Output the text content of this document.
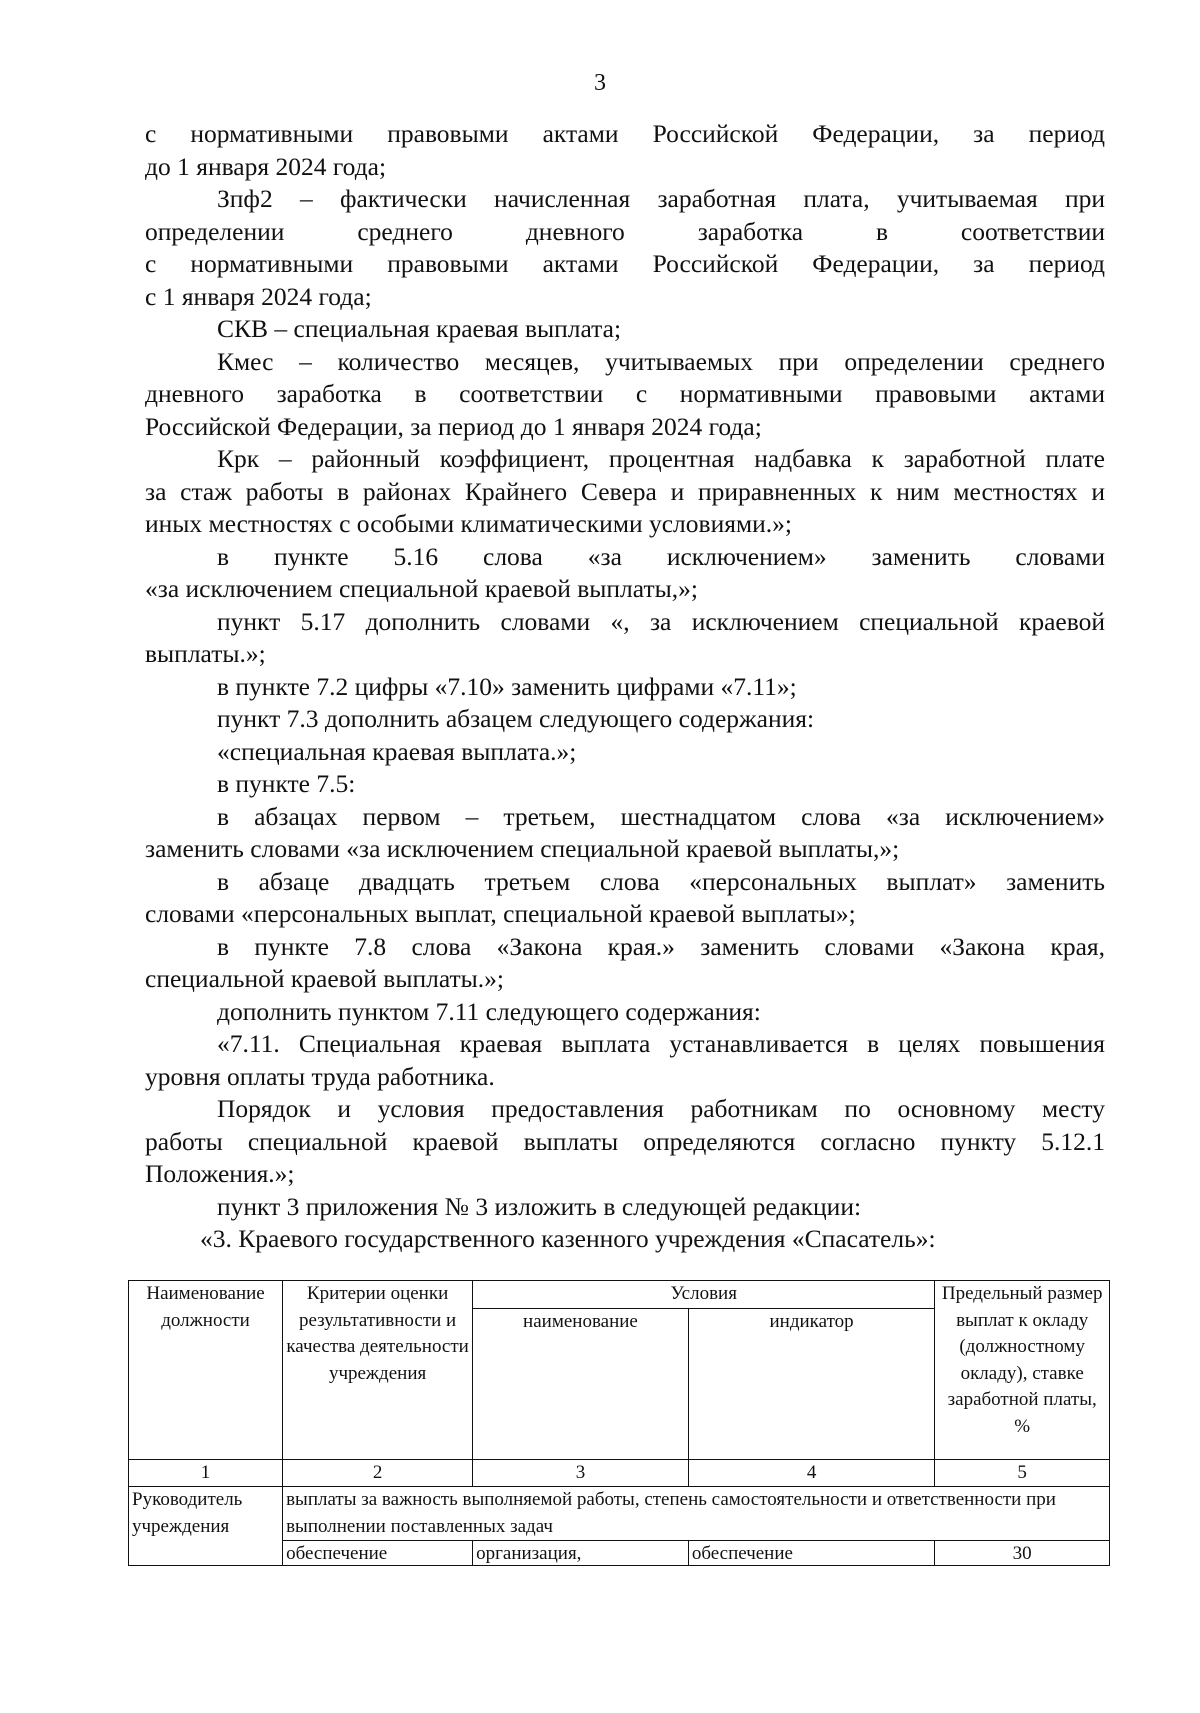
3
с нормативными правовыми актами Российской Федерации, за период
до 1 января 2024 года;
Зпф2 – фактически начисленная заработная плата, учитываемая при
определении среднего дневного заработка в соответствии
с нормативными правовыми актами Российской Федерации, за период
с 1 января 2024 года;
СКВ – специальная краевая выплата;
Кмес – количество месяцев, учитываемых при определении среднего
дневного заработка в соответствии с нормативными правовыми актами
Российской Федерации, за период до 1 января 2024 года;
Крк – районный коэффициент, процентная надбавка к заработной плате
за стаж работы в районах Крайнего Севера и приравненных к ним местностях и
иных местностях с особыми климатическими условиями.»;
в пункте 5.16 слова «за исключением» заменить словами
«за исключением специальной краевой выплаты,»;
пункт 5.17 дополнить словами «, за исключением специальной краевой
выплаты.»;
в пункте 7.2 цифры «7.10» заменить цифрами «7.11»;
пункт 7.3 дополнить абзацем следующего содержания:
«специальная краевая выплата.»;
в пункте 7.5:
в абзацах первом – третьем, шестнадцатом слова «за исключением»
заменить словами «за исключением специальной краевой выплаты,»;
в абзаце двадцать третьем слова «персональных выплат» заменить
словами «персональных выплат, специальной краевой выплаты»;
в пункте 7.8 слова «Закона края.» заменить словами «Закона края,
специальной краевой выплаты.»;
дополнить пунктом 7.11 следующего содержания:
«7.11. Специальная краевая выплата устанавливается в целях повышения
уровня оплаты труда работника.
Порядок и условия предоставления работникам по основному месту
работы специальной краевой выплаты определяются согласно пункту 5.12.1
Положения.»;
пункт 3 приложения № 3 изложить в следующей редакции:
«3. Краевого государственного казенного учреждения «Спасатель»:
Наименование должности	Критерии оценки результативности и качества деятельности учреждения	Условия		Предельный размер выплат к окладу (должностному окладу), ставке заработной платы, %
		наименование	индикатор	
1	2	3	4	5
Руководитель учреждения	выплаты за важность выполняемой работы, степень самостоятельности и ответственности при выполнении поставленных задач			

	обеспечение	организация,	обеспечение	30
